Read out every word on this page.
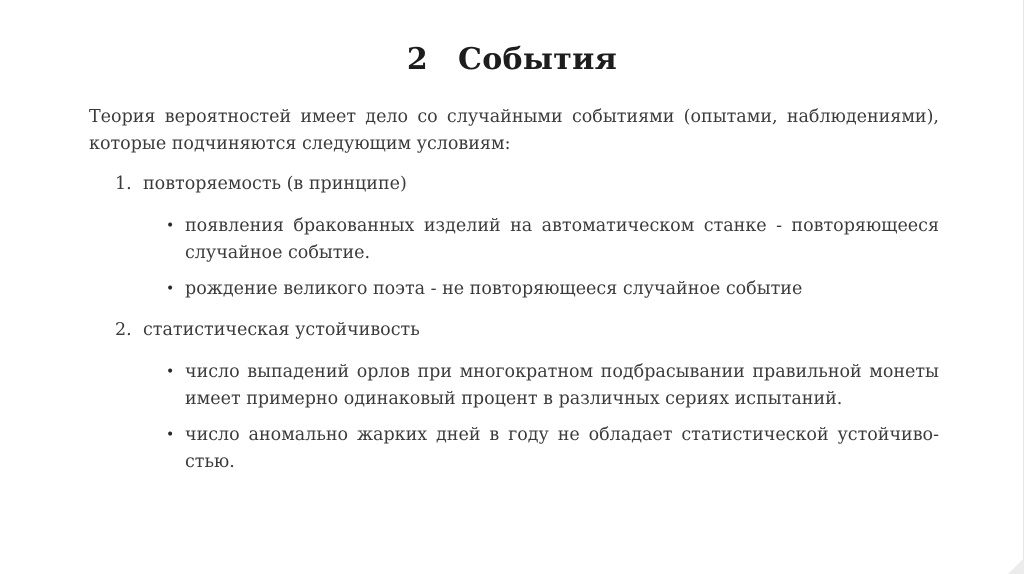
2 События

Теория вероятностей имеет дело со случайными событиями (опытами, наблюдениями),
которые подчиняются следующим условиям:

1. повторяемость (в принципе)
• появления бракованных изделий на автоматическом станке - повторяющееся
случайное событие.
• рождение великого поэта - не повторяющееся случайное событие
2. статистическая устойчивость
• число выпадений орлов при многократном подбрасывании правильной монеты
имеет примерно одинаковый процент в различных сериях испытаний.
• число аномально жарких дней в году не обладает статистической устойчиво-
стью.
